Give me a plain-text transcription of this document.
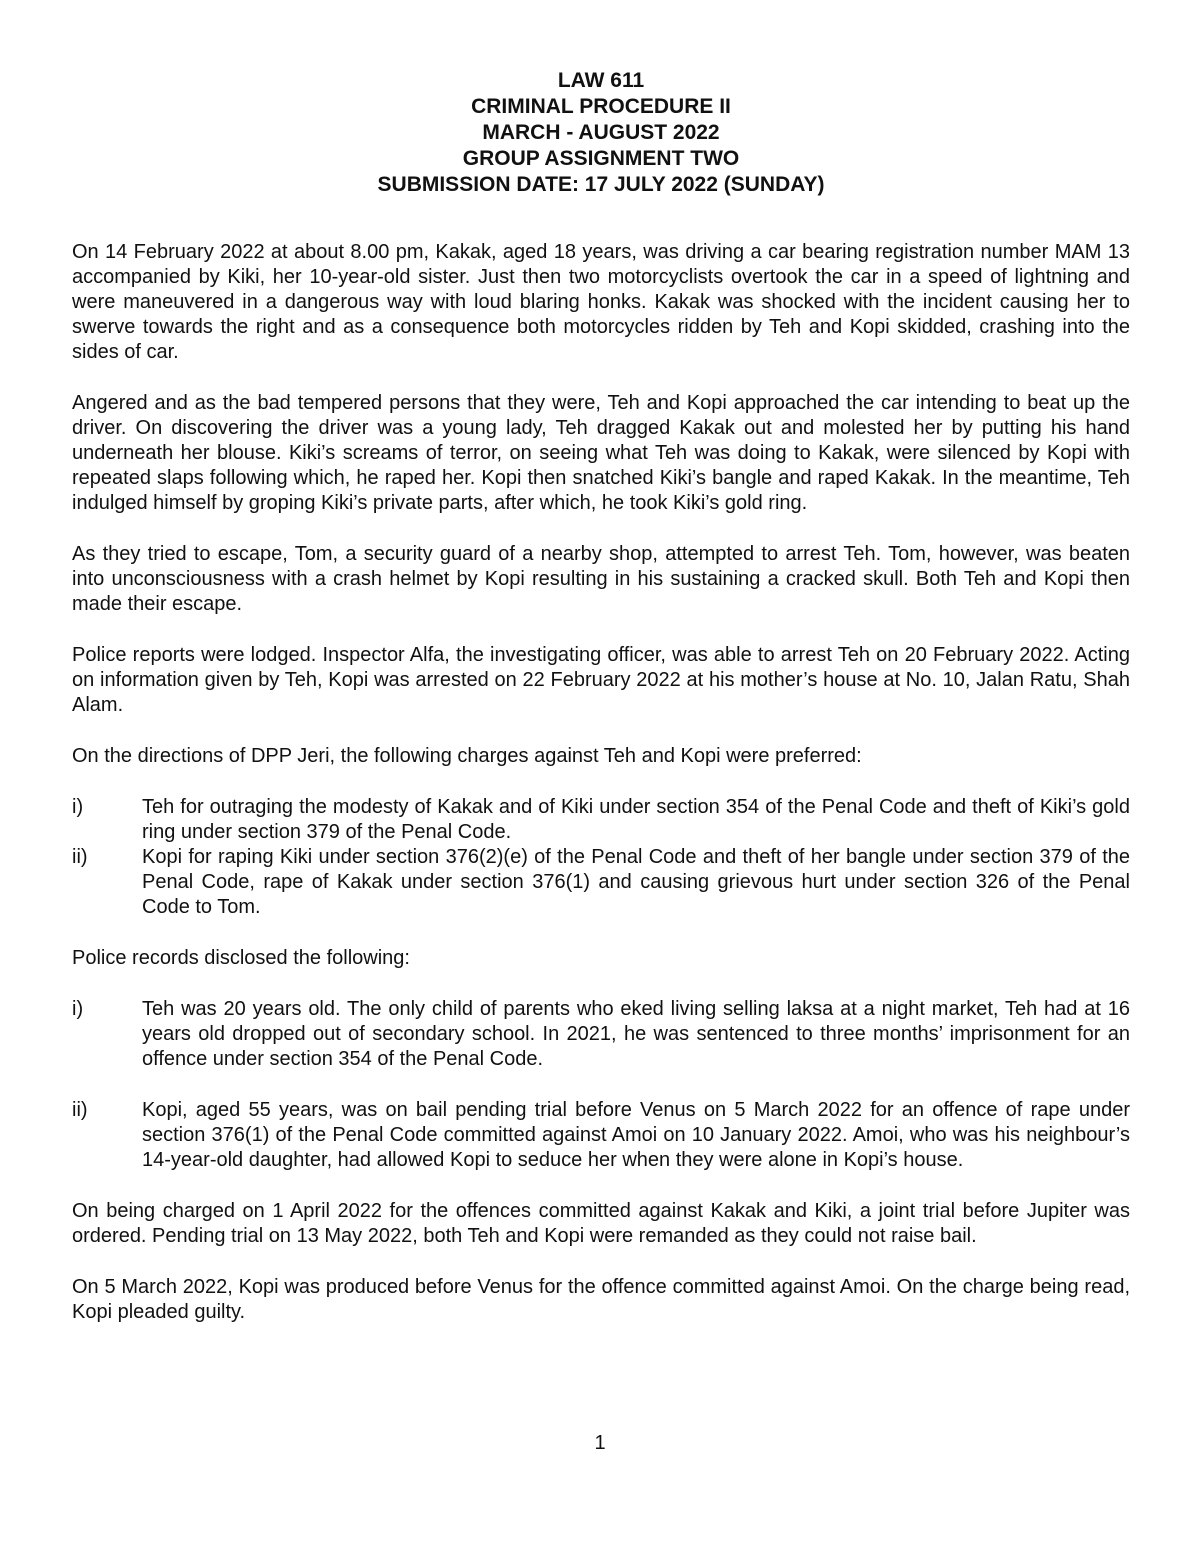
LAW 611
CRIMINAL PROCEDURE II
MARCH - AUGUST 2022
GROUP ASSIGNMENT TWO
SUBMISSION DATE: 17 JULY 2022 (SUNDAY)

On 14 February 2022 at about 8.00 pm, Kakak, aged 18 years, was driving a car bearing registration number MAM 13 accompanied by Kiki, her 10-year-old sister. Just then two motorcyclists overtook the car in a speed of lightning and were maneuvered in a dangerous way with loud blaring honks. Kakak was shocked with the incident causing her to swerve towards the right and as a consequence both motorcycles ridden by Teh and Kopi skidded, crashing into the sides of car.

Angered and as the bad tempered persons that they were, Teh and Kopi approached the car intending to beat up the driver. On discovering the driver was a young lady, Teh dragged Kakak out and molested her by putting his hand underneath her blouse. Kiki’s screams of terror, on seeing what Teh was doing to Kakak, were silenced by Kopi with repeated slaps following which, he raped her. Kopi then snatched Kiki’s bangle and raped Kakak. In the meantime, Teh indulged himself by groping Kiki’s private parts, after which, he took Kiki’s gold ring.

As they tried to escape, Tom, a security guard of a nearby shop, attempted to arrest Teh. Tom, however, was beaten into unconsciousness with a crash helmet by Kopi resulting in his sustaining a cracked skull. Both Teh and Kopi then made their escape.

Police reports were lodged. Inspector Alfa, the investigating officer, was able to arrest Teh on 20 February 2022. Acting on information given by Teh, Kopi was arrested on 22 February 2022 at his mother’s house at No. 10, Jalan Ratu, Shah Alam.

On the directions of DPP Jeri, the following charges against Teh and Kopi were preferred:

i)	Teh for outraging the modesty of Kakak and of Kiki under section 354 of the Penal Code and theft of Kiki’s gold ring under section 379 of the Penal Code.
ii)	Kopi for raping Kiki under section 376(2)(e) of the Penal Code and theft of her bangle under section 379 of the Penal Code, rape of Kakak under section 376(1) and causing grievous hurt under section 326 of the Penal Code to Tom.

Police records disclosed the following:

i)	Teh was 20 years old. The only child of parents who eked living selling laksa at a night market, Teh had at 16 years old dropped out of secondary school. In 2021, he was sentenced to three months’ imprisonment for an offence under section 354 of the Penal Code.
ii)	Kopi, aged 55 years, was on bail pending trial before Venus on 5 March 2022 for an offence of rape under section 376(1) of the Penal Code committed against Amoi on 10 January 2022. Amoi, who was his neighbour’s 14-year-old daughter, had allowed Kopi to seduce her when they were alone in Kopi’s house.

On being charged on 1 April 2022 for the offences committed against Kakak and Kiki, a joint trial before Jupiter was ordered. Pending trial on 13 May 2022, both Teh and Kopi were remanded as they could not raise bail.

On 5 March 2022, Kopi was produced before Venus for the offence committed against Amoi. On the charge being read, Kopi pleaded guilty.

1
